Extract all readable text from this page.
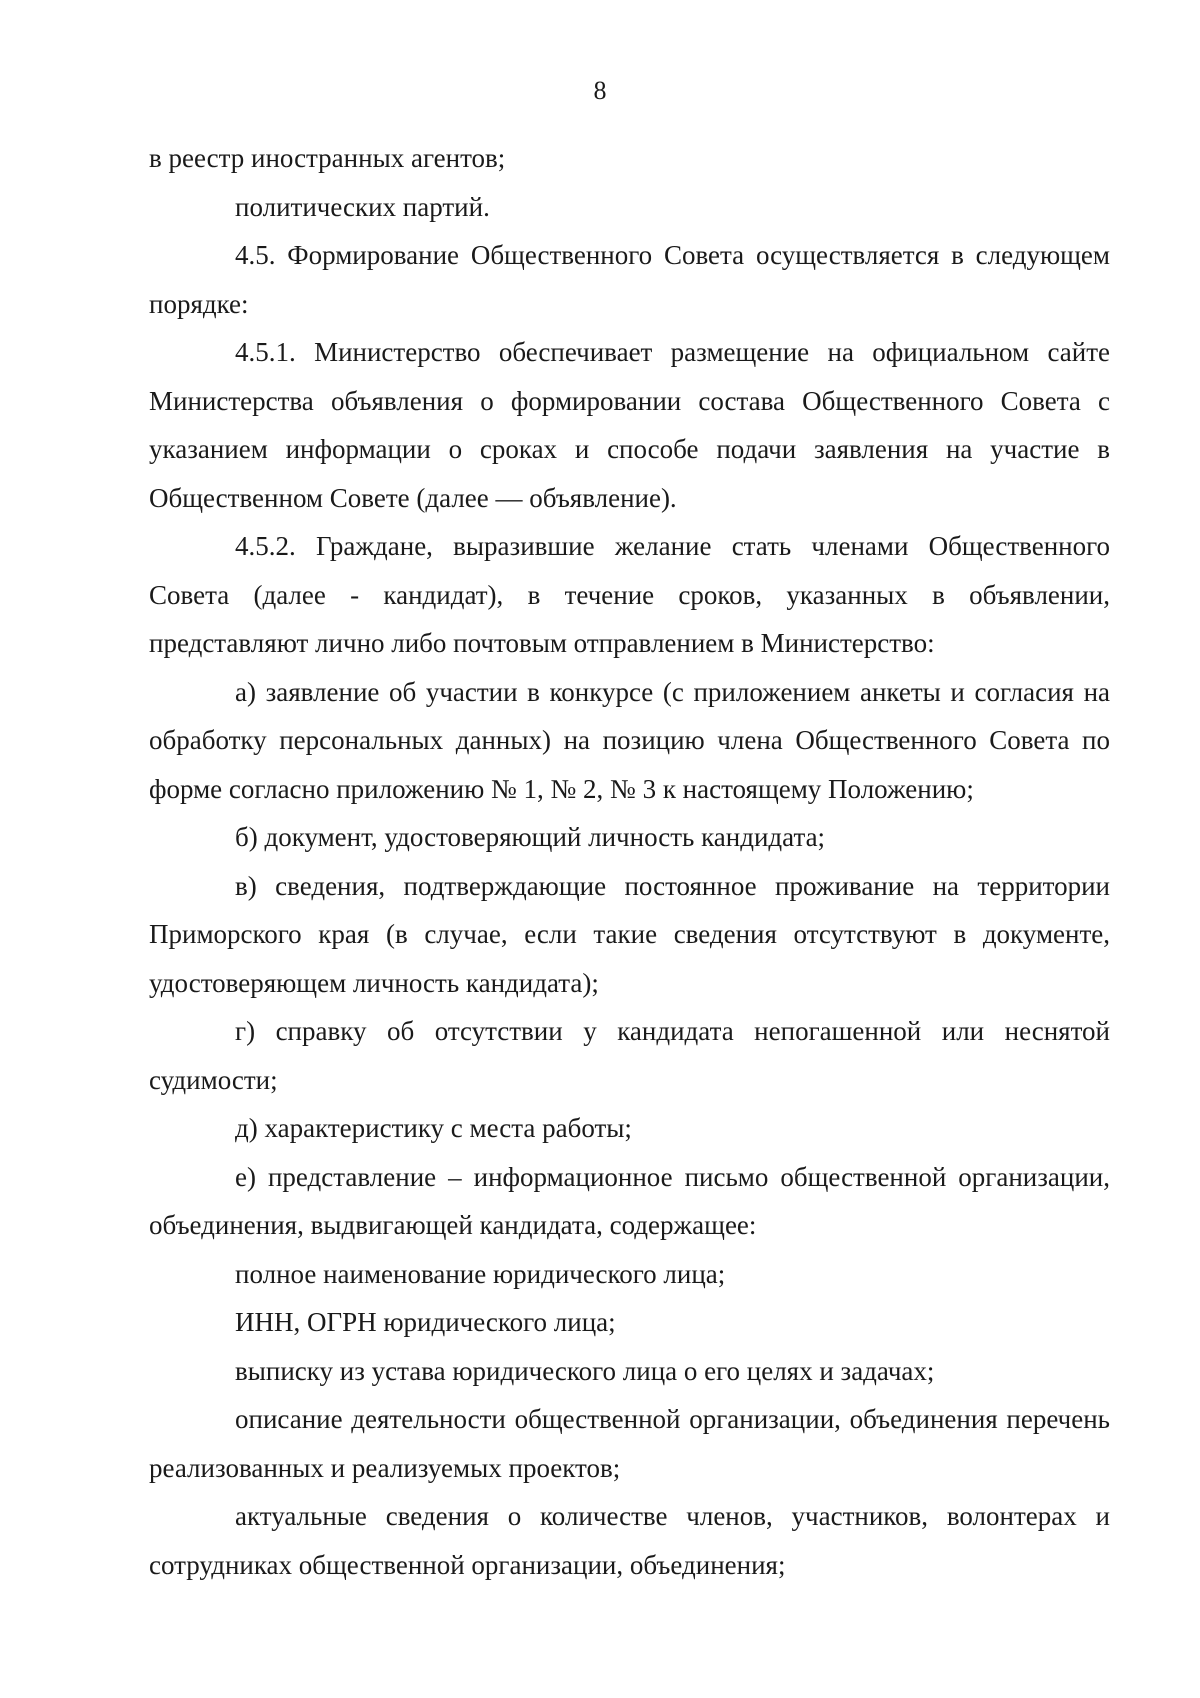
8

в реестр иностранных агентов;

политических партий.

4.5. Формирование Общественного Совета осуществляется в следующем порядке:

4.5.1. Министерство обеспечивает размещение на официальном сайте Министерства объявления о формировании состава Общественного Совета с указанием информации о сроках и способе подачи заявления на участие в Общественном Совете (далее — объявление).

4.5.2. Граждане, выразившие желание стать членами Общественного Совета (далее - кандидат), в течение сроков, указанных в объявлении, представляют лично либо почтовым отправлением в Министерство:

а) заявление об участии в конкурсе (с приложением анкеты и согласия на обработку персональных данных) на позицию члена Общественного Совета по форме согласно приложению № 1, № 2, № 3 к настоящему Положению;

б) документ, удостоверяющий личность кандидата;

в) сведения, подтверждающие постоянное проживание на территории Приморского края (в случае, если такие сведения отсутствуют в документе, удостоверяющем личность кандидата);

г) справку об отсутствии у кандидата непогашенной или неснятой судимости;

д) характеристику с места работы;

е) представление – информационное письмо общественной организации, объединения, выдвигающей кандидата, содержащее:

полное наименование юридического лица;

ИНН, ОГРН юридического лица;

выписку из устава юридического лица о его целях и задачах;

описание деятельности общественной организации, объединения перечень реализованных и реализуемых проектов;

актуальные сведения о количестве членов, участников, волонтерах и сотрудниках общественной организации, объединения;
